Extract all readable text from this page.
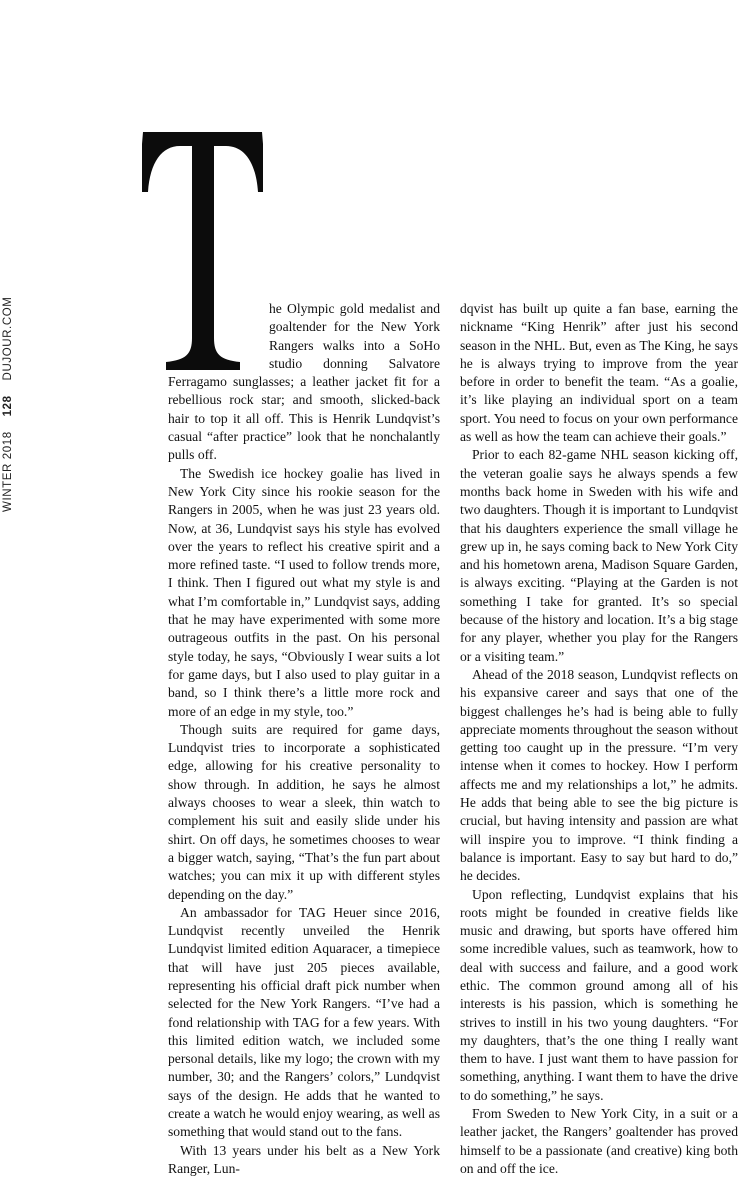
WINTER 2018 128 DUJOUR.COM	he Olympic gold medalist and goaltender for the New York Rangers walks into a SoHo studio donning Salvatore Ferragamo sunglasses; a leather jacket fit for a rebellious rock star; and smooth, slicked-back hair to top it all off. This is Henrik Lundqvist’s casual “after practice” look that he nonchalantly pulls off.

The Swedish ice hockey goalie has lived in New York City since his rookie season for the Rangers in 2005, when he was just 23 years old. Now, at 36, Lundqvist says his style has evolved over the years to reflect his creative spirit and a more refined taste. “I used to follow trends more, I think. Then I figured out what my style is and what I’m comfortable in,” Lundqvist says, adding that he may have experimented with some more outrageous outfits in the past. On his personal style today, he says, “Obviously I wear suits a lot for game days, but I also used to play guitar in a band, so I think there’s a little more rock and more of an edge in my style, too.”

Though suits are required for game days, Lundqvist tries to incorporate a sophisticated edge, allowing for his creative personality to show through. In addition, he says he almost always chooses to wear a sleek, thin watch to complement his suit and easily slide under his shirt. On off days, he sometimes chooses to wear a bigger watch, saying, “That’s the fun part about watches; you can mix it up with different styles depending on the day.”

An ambassador for TAG Heuer since 2016, Lundqvist recently unveiled the Henrik Lundqvist limited edition Aquaracer, a timepiece that will have just 205 pieces available, representing his official draft pick number when selected for the New York Rangers. “I’ve had a fond relationship with TAG for a few years. With this limited edition watch, we included some personal details, like my logo; the crown with my number, 30; and the Rangers’ colors,” Lundqvist says of the design. He adds that he wanted to create a watch he would enjoy wearing, as well as something that would stand out to the fans.

With 13 years under his belt as a New York Ranger, Lun-

dqvist has built up quite a fan base, earning the nickname “King Henrik” after just his second season in the NHL. But, even as The King, he says he is always trying to improve from the year before in order to benefit the team. “As a goalie, it’s like playing an individual sport on a team sport. You need to focus on your own performance as well as how the team can achieve their goals.”

Prior to each 82-game NHL season kicking off, the veteran goalie says he always spends a few months back home in Sweden with his wife and two daughters. Though it is important to Lundqvist that his daughters experience the small village he grew up in, he says coming back to New York City and his hometown arena, Madison Square Garden, is always exciting. “Playing at the Garden is not something I take for granted. It’s so special because of the history and location. It’s a big stage for any player, whether you play for the Rangers or a visiting team.”

Ahead of the 2018 season, Lundqvist reflects on his expansive career and says that one of the biggest challenges he’s had is being able to fully appreciate moments throughout the season without getting too caught up in the pressure. “I’m very intense when it comes to hockey. How I perform affects me and my relationships a lot,” he admits. He adds that being able to see the big picture is crucial, but having intensity and passion are what will inspire you to improve. “I think finding a balance is important. Easy to say but hard to do,” he decides.

Upon reflecting, Lundqvist explains that his roots might be founded in creative fields like music and drawing, but sports have offered him some incredible values, such as teamwork, how to deal with success and failure, and a good work ethic. The common ground among all of his interests is his passion, which is something he strives to instill in his two young daughters. “For my daughters, that’s the one thing I really want them to have. I just want them to have passion for something, anything. I want them to have the drive to do something,” he says.

From Sweden to New York City, in a suit or a leather jacket, the Rangers’ goaltender has proved himself to be a passionate (and creative) king both on and off the ice.
